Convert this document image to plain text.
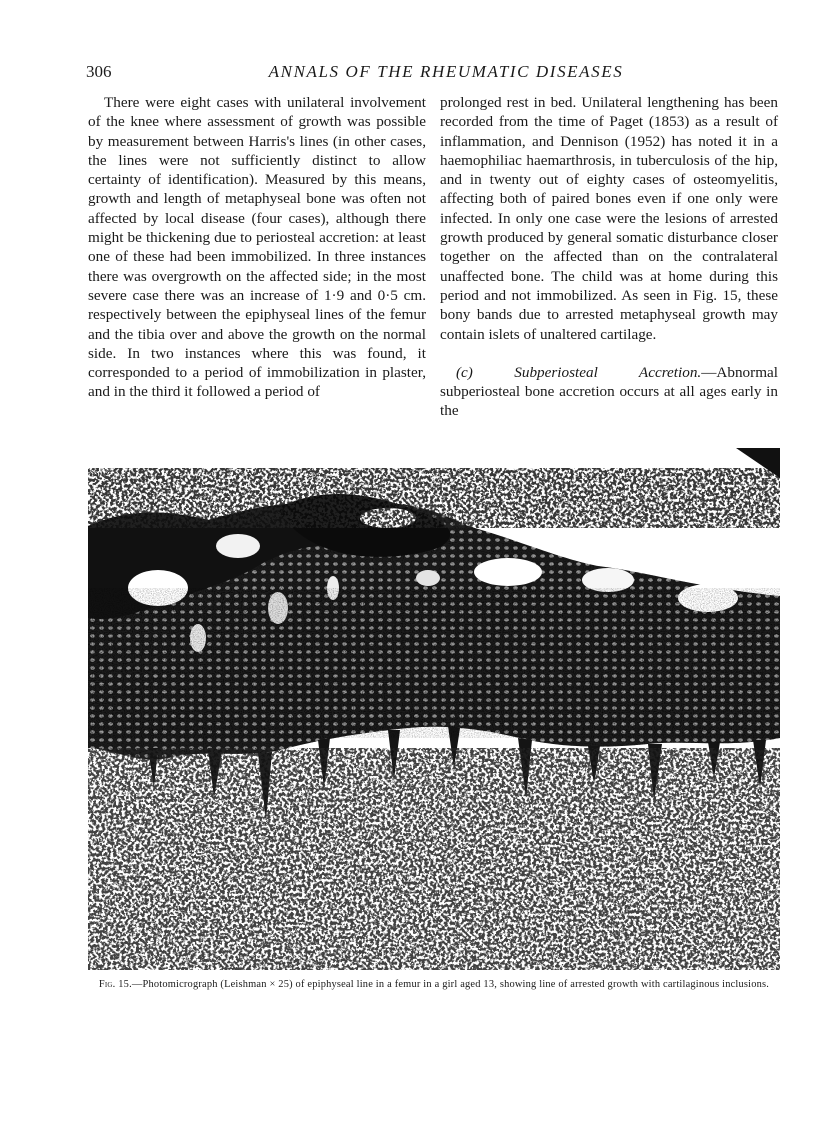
306	ANNALS OF THE RHEUMATIC DISEASES

There were eight cases with unilateral involvement of the knee where assessment of growth was possible by measurement between Harris's lines (in other cases, the lines were not sufficiently distinct to allow certainty of identification). Measured by this means, growth and length of metaphyseal bone was often not affected by local disease (four cases), although there might be thickening due to periosteal accretion: at least one of these had been immobilized. In three instances there was overgrowth on the affected side; in the most severe case there was an increase of 1·9 and 0·5 cm. respectively between the epiphyseal lines of the femur and the tibia over and above the growth on the normal side. In two instances where this was found, it corresponded to a period of immobilization in plaster, and in the third it followed a period of

prolonged rest in bed. Unilateral lengthening has been recorded from the time of Paget (1853) as a result of inflammation, and Dennison (1952) has noted it in a haemophiliac haemarthrosis, in tuberculosis of the hip, and in twenty out of eighty cases of osteomyelitis, affecting both of paired bones even if one only were infected. In only one case were the lesions of arrested growth produced by general somatic disturbance closer together on the affected than on the contralateral unaffected bone. The child was at home during this period and not immobilized. As seen in Fig. 15, these bony bands due to arrested metaphyseal growth may contain islets of unaltered cartilage.

(c) Subperiosteal Accretion.—Abnormal subperiosteal bone accretion occurs at all ages early in the

Fig. 15.—Photomicrograph (Leishman × 25) of epiphyseal line in a femur in a girl aged 13, showing line of arrested growth with cartilaginous inclusions.
